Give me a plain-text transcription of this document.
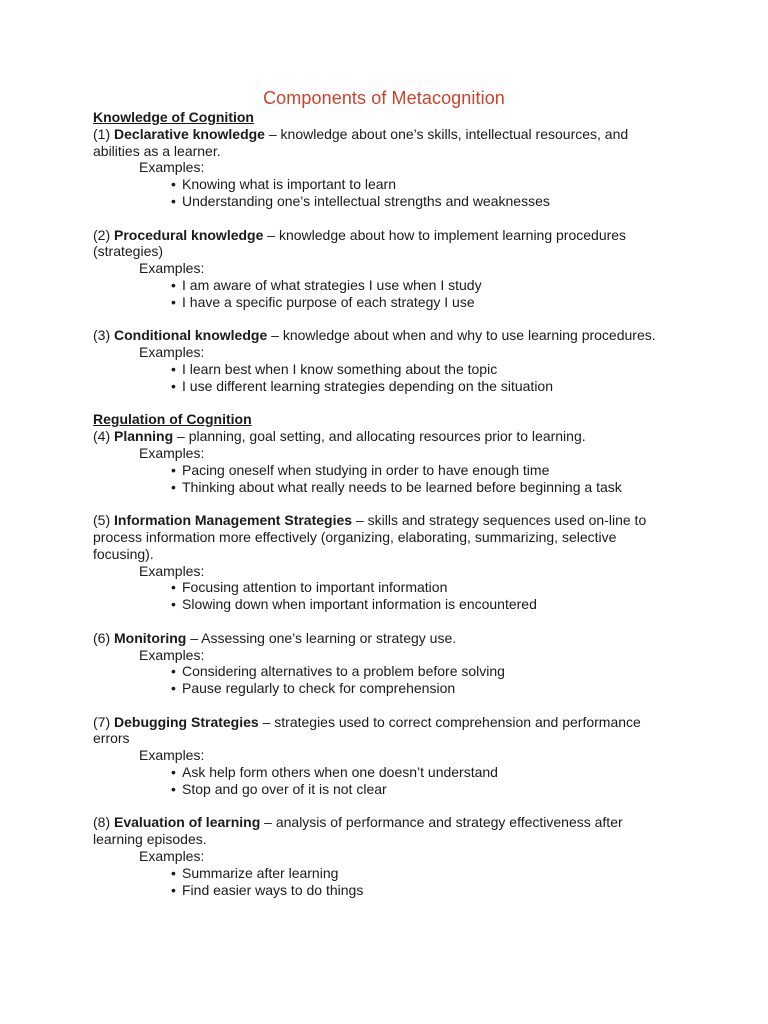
Components of Metacognition
Knowledge of Cognition
(1) Declarative knowledge – knowledge about one’s skills, intellectual resources, and abilities as a learner.
Examples:
• Knowing what is important to learn
• Understanding one’s intellectual strengths and weaknesses
(2) Procedural knowledge – knowledge about how to implement learning procedures (strategies)
Examples:
• I am aware of what strategies I use when I study
• I have a specific purpose of each strategy I use
(3) Conditional knowledge – knowledge about when and why to use learning procedures.
Examples:
• I learn best when I know something about the topic
• I use different learning strategies depending on the situation
Regulation of Cognition
(4) Planning – planning, goal setting, and allocating resources prior to learning.
Examples:
• Pacing oneself when studying in order to have enough time
• Thinking about what really needs to be learned before beginning a task
(5) Information Management Strategies – skills and strategy sequences used on-line to process information more effectively (organizing, elaborating, summarizing, selective focusing).
Examples:
• Focusing attention to important information
• Slowing down when important information is encountered
(6) Monitoring – Assessing one’s learning or strategy use.
Examples:
• Considering alternatives to a problem before solving
• Pause regularly to check for comprehension
(7) Debugging Strategies – strategies used to correct comprehension and performance errors
Examples:
• Ask help form others when one doesn’t understand
• Stop and go over of it is not clear
(8) Evaluation of learning – analysis of performance and strategy effectiveness after learning episodes.
Examples:
• Summarize after learning
• Find easier ways to do things
